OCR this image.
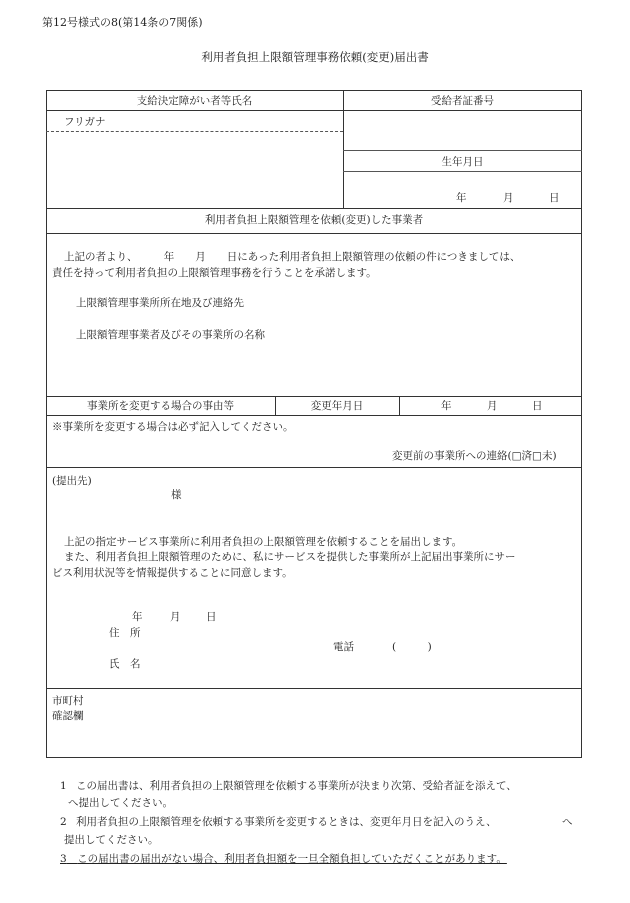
第12号様式の8(第14条の7関係)
利用者負担上限額管理事務依頼(変更)届出書
支給決定障がい者等氏名	受給者証番号
フリガナ
生年月日
年	月	日
利用者負担上限額管理を依頼(変更)した事業者
上記の者より、　　　年　　月　　日にあった利用者負担上限額管理の依頼の件につきましては、
責任を持って利用者負担の上限額管理事務を行うことを承諾します。
上限額管理事業所所在地及び連絡先
上限額管理事業者及びその事業所の名称
事業所を変更する場合の事由等	変更年月日	年	月	日
※事業所を変更する場合は必ず記入してください。
変更前の事業所への連絡(□済□未)
(提出先)
様
上記の指定サービス事業所に利用者負担の上限額管理を依頼することを届出します。
また、利用者負担上限額管理のために、私にサービスを提供した事業所が上記届出事業所にサー
ビス利用状況等を情報提供することに同意します。
年	月 日
住　所
電話	(　　　)
氏　名
市町村
確認欄
1 この届出書は、利用者負担の上限額管理を依頼する事業所が決まり次第、受給者証を添えて、
へ提出してください。
2 利用者負担の上限額管理を依頼する事業所を変更するときは、変更年月日を記入のうえ、	へ
提出してください。
3  この届出書の届出がない場合、利用者負担額を一旦全額負担していただくことがあります。
